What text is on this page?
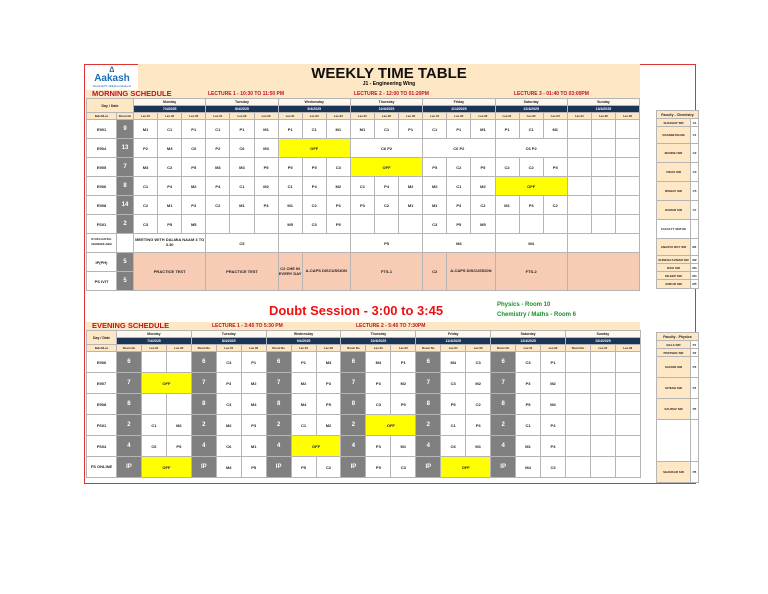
∆
Aakash
Medical|IIT-JEE|Foundations
WEEKLY TIME TABLE
J1 - Engineering Wing
MORNING SCHEDULE	LECTURE 1 - 10:30 TO 11:50 PM	LECTURE 2 - 12:00 TO 01:20PM	LECTURE 3 - 01:40 TO 03:00PM
Day / Date		Monday			Tuesday			Wednesday			Thursday			Friday			Saturday			Sunday		
		7/4/2025			8/4/2025			9/4/2025			10/4/2025			11/4/2025			12/4/2025			13/4/2025		
Batch/Lec	Room No	Lec-01	Lec-02	Lec-03	Lec-01	Lec-02	Lec-03	Lec-01	Lec-02	Lec-03	Lec-01	Lec-02	Lec-03	Lec-01	Lec-02	Lec-03	Lec-01	Lec-02	Lec-03	Lec-01	Lec-02	Lec-03
E901	9	M1	C1	P1	C1	P1	M1	P1	C1	M1	M1	C1	P1	C1	P1	M1	P1	C1	M1			
E904	13	P2	M3	C6	P2	C6	M3	OFF			C6 P2			C6 P2			C6 P2					
E905	7	M3	C2	P5	M3	M3	P5	P5	P5	C3	OFF			P5	C2	P5	C2	C2	P5			
E906	8	C1	P4	M2	P4	C1	M2	C1	P4	M2	C1	P4	M2	M2	C1	M2	OFF					
E908	14	C2	M1	P3	C2	M1	P3	M1	C2	P3	P3	C2	M1	M1	P3	C2	M1	P3	C2			
FS01	2	C3	P5	M5				M5	C3	P5				C3	P5	M5						
IP AIKA-DAFFAL ABHISHEK-ABHI		MEETING WITH DALMIA NAAM 3 TO 3.30			C5						P5			M4			M4					
IP(PH)	5	PRACTICE TEST			PRACTICE TEST			C2 CHE IN EVERY DAY	A-CAPS DISCUSSION		FTS-1			C2	A-CAPS DISCUSSION		FTS-2					
PS IVIT	5																					
Doubt Session - 3:00 to 3:45	Physics - Room 10
Chemistry / Maths - Room 6
EVENING SCHEDULE	LECTURE 1 - 3:45 TO 5:30 PM	LECTURE 2 - 5:45 TO 7:30PM
Day / Date	Monday			Tuesday			Wednesday			Thursday			Friday			Saturday			Sunday		
	7/4/2025			8/4/2025			9/4/2025			10/4/2025			11/4/2025			12/4/2025			13/4/2025		
Batch/Lec	Room No	Lec-01	Lec-02	Room No	Lec-01	Lec-02	Room No	Lec-01	Lec-02	Room No	Lec-01	Lec-02	Room No	Lec-01	Lec-02	Room No	Lec-01	Lec-02	Room No	Lec-01	Lec-02
E906	6			6	C3	P1	6	P1	M4	6	M4	P1	6	M4	C3	6	C3	P1			
E907	7	OFF		7	P3	M2	7	M2	P3	7	P3	M2	7	C3	M2	7	P3	M2			
E908	8			8	C3	M4	8	M4	P5	8	C3	P5	8	P5	C2	8	P5	M4			
FS01	2	C1	M2	2	M2	P3	2	C1	M2	2	OFF		2	C1	P3	2	C1	P3			
FS04	4	C6	P5	4	C6	M1	4	OFF		4	P3	M1	4	C6	M1	4	M1	P3			
FS ONLINE	IP	OFF		IP	M4	P5	IP	P5	C2	IP	P5	C3	IP	OFF		IP	M4	C3			
Faculty - Chemistry	
SHASHAT SIR	C1
RASHMI MAAM	C1
MANISH SIR	C2
VIKAS SIR	C3
RISHAV SIR	C5
KUMAR SIR	C7
FACULTY MATHS	
ANANYA ROY SIR	M1
SUDESH KUMAR SIR	M2
RAVI SIR	M3
DILEEP SIR	M4
ANKUR SIR	M5
Faculty - Physics	
BALA SIR	P1
PRATEEK SIR	P2
SACHIN SIR	P3
HITESH SIR	P4
SAURAV SIR	P5

SHANKAR SIR	P6
